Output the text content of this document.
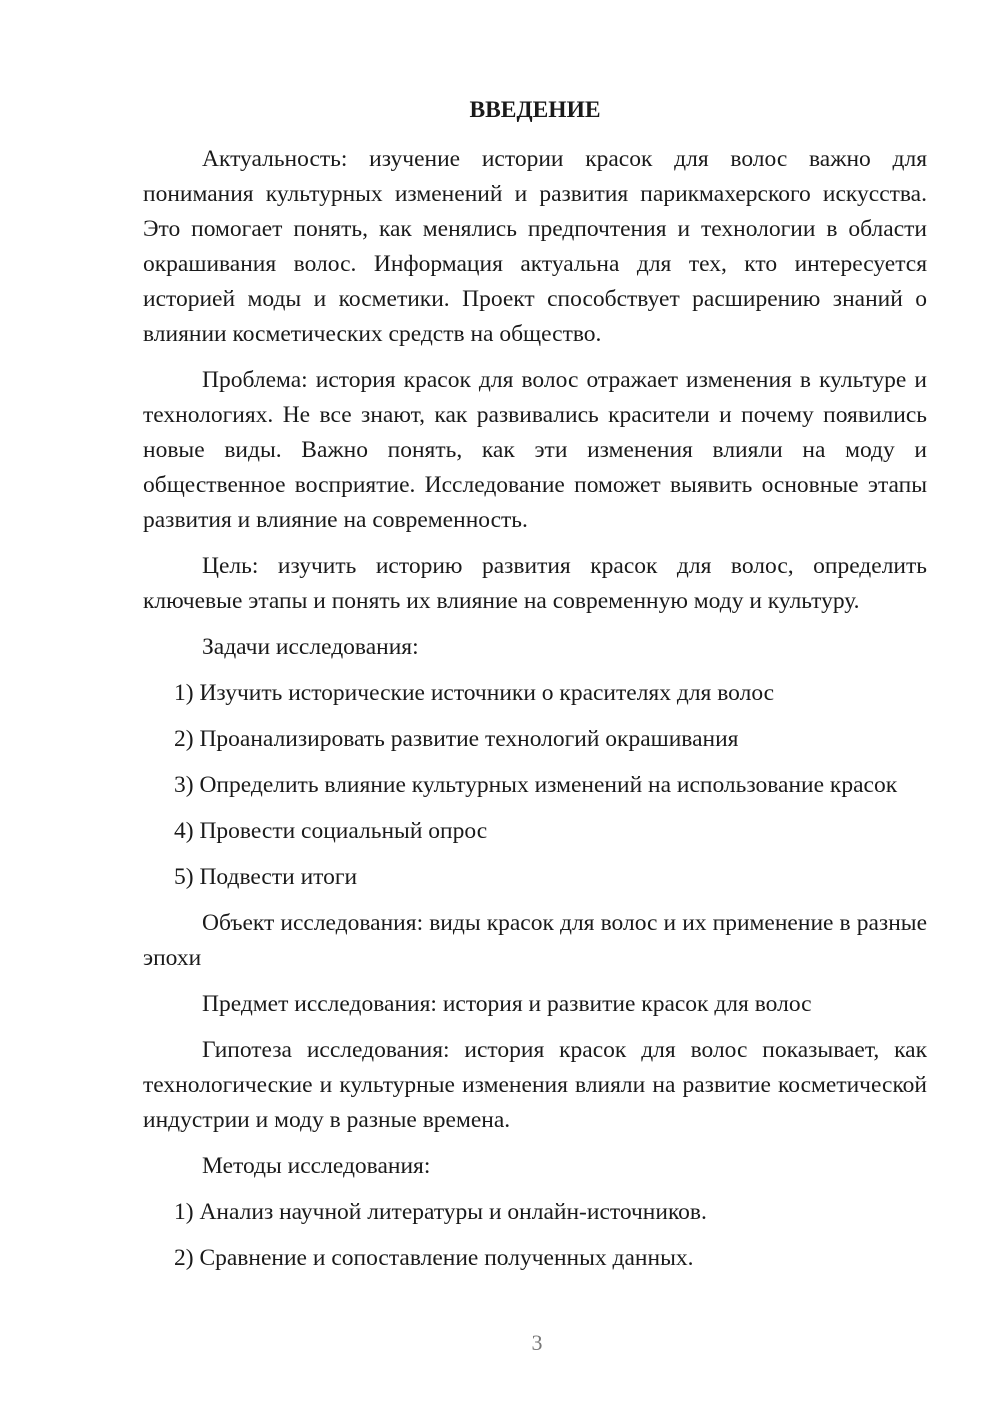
ВВЕДЕНИЕ

Актуальность: изучение истории красок для волос важно для понимания культурных изменений и развития парикмахерского искусства. Это помогает понять, как менялись предпочтения и технологии в области окрашивания волос. Информация актуальна для тех, кто интересуется историей моды и косметики. Проект способствует расширению знаний о влиянии косметических средств на общество.

Проблема: история красок для волос отражает изменения в культуре и технологиях. Не все знают, как развивались красители и почему появились новые виды. Важно понять, как эти изменения влияли на моду и общественное восприятие. Исследование поможет выявить основные этапы развития и влияние на современность.

Цель: изучить историю развития красок для волос, определить ключевые этапы и понять их влияние на современную моду и культуру.

Задачи исследования:

1) Изучить исторические источники о красителях для волос

2) Проанализировать развитие технологий окрашивания

3) Определить влияние культурных изменений на использование красок

4) Провести социальный опрос

5) Подвести итоги

Объект исследования: виды красок для волос и их применение в разные эпохи

Предмет исследования: история и развитие красок для волос

Гипотеза исследования: история красок для волос показывает, как технологические и культурные изменения влияли на развитие косметической индустрии и моду в разные времена.

Методы исследования:

1) Анализ научной литературы и онлайн-источников.

2) Сравнение и сопоставление полученных данных.

3
